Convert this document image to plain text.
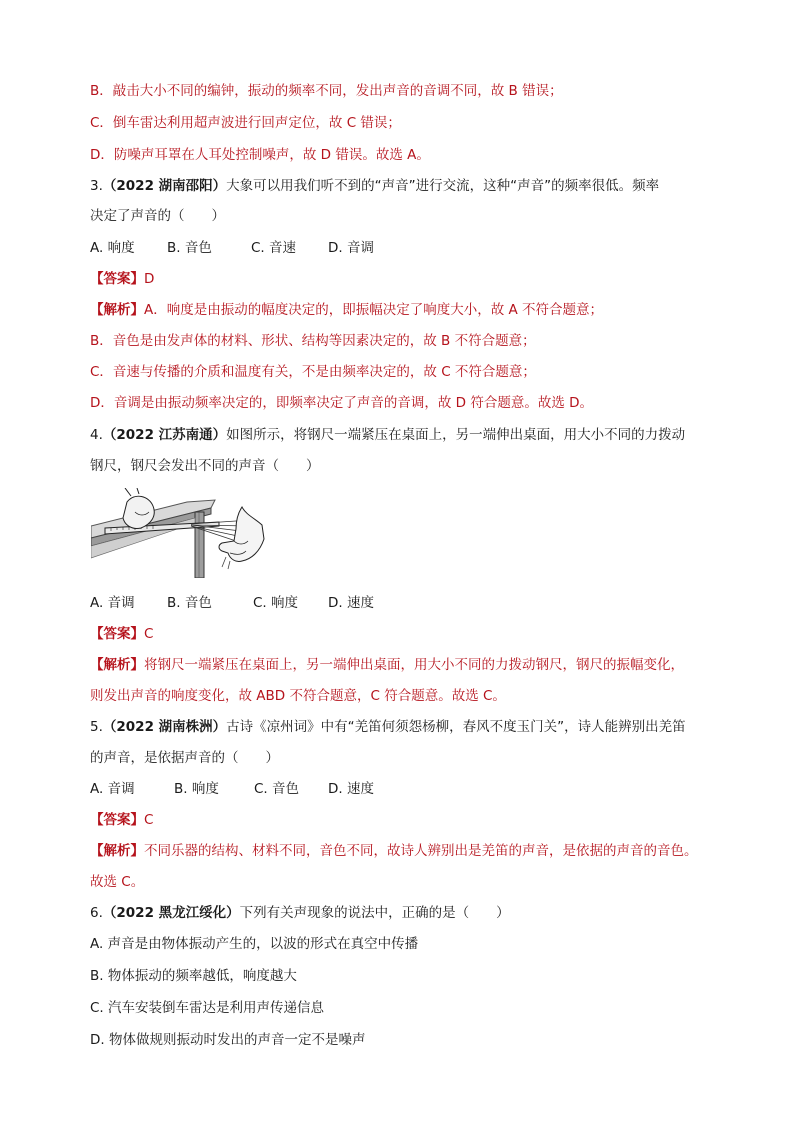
B．敲击大小不同的编钟，振动的频率不同，发出声音的音调不同，故 B 错误；
C．倒车雷达利用超声波进行回声定位，故 C 错误；
D．防噪声耳罩在人耳处控制噪声，故 D 错误。故选 A。
3.（2022 湖南邵阳）大象可以用我们听不到的“声音”进行交流，这种“声音”的频率很低。频率
决定了声音的（　　）
A. 响度 B. 音色	C. 音速 D. 音调
【答案】D
【解析】A．响度是由振动的幅度决定的，即振幅决定了响度大小，故 A 不符合题意；
B．音色是由发声体的材料、形状、结构等因素决定的，故 B 不符合题意；
C．音速与传播的介质和温度有关，不是由频率决定的，故 C 不符合题意；
D．音调是由振动频率决定的，即频率决定了声音的音调，故 D 符合题意。故选 D。
4.（2022 江苏南通）如图所示，将钢尺一端紧压在桌面上，另一端伸出桌面，用大小不同的力拨动
钢尺，钢尺会发出不同的声音（　　）
A. 音调 B. 音色	C. 响度 D. 速度
【答案】C
【解析】将钢尺一端紧压在桌面上，另一端伸出桌面，用大小不同的力拨动钢尺，钢尺的振幅变化，
则发出声音的响度变化，故 ABD 不符合题意，C 符合题意。故选 C。
5.（2022 湖南株洲）古诗《凉州词》中有“羌笛何须怨杨柳，春风不度玉门关”，诗人能辨别出羌笛
的声音，是依据声音的（　　）
A. 音调	B. 响度	C. 音色 D. 速度
【答案】C
【解析】不同乐器的结构、材料不同，音色不同，故诗人辨别出是羌笛的声音，是依据的声音的音色。
故选 C。
6.（2022 黑龙江绥化）下列有关声现象的说法中，正确的是（　　）
A. 声音是由物体振动产生的，以波的形式在真空中传播
B. 物体振动的频率越低，响度越大
C. 汽车安装倒车雷达是利用声传递信息
D. 物体做规则振动时发出的声音一定不是噪声
